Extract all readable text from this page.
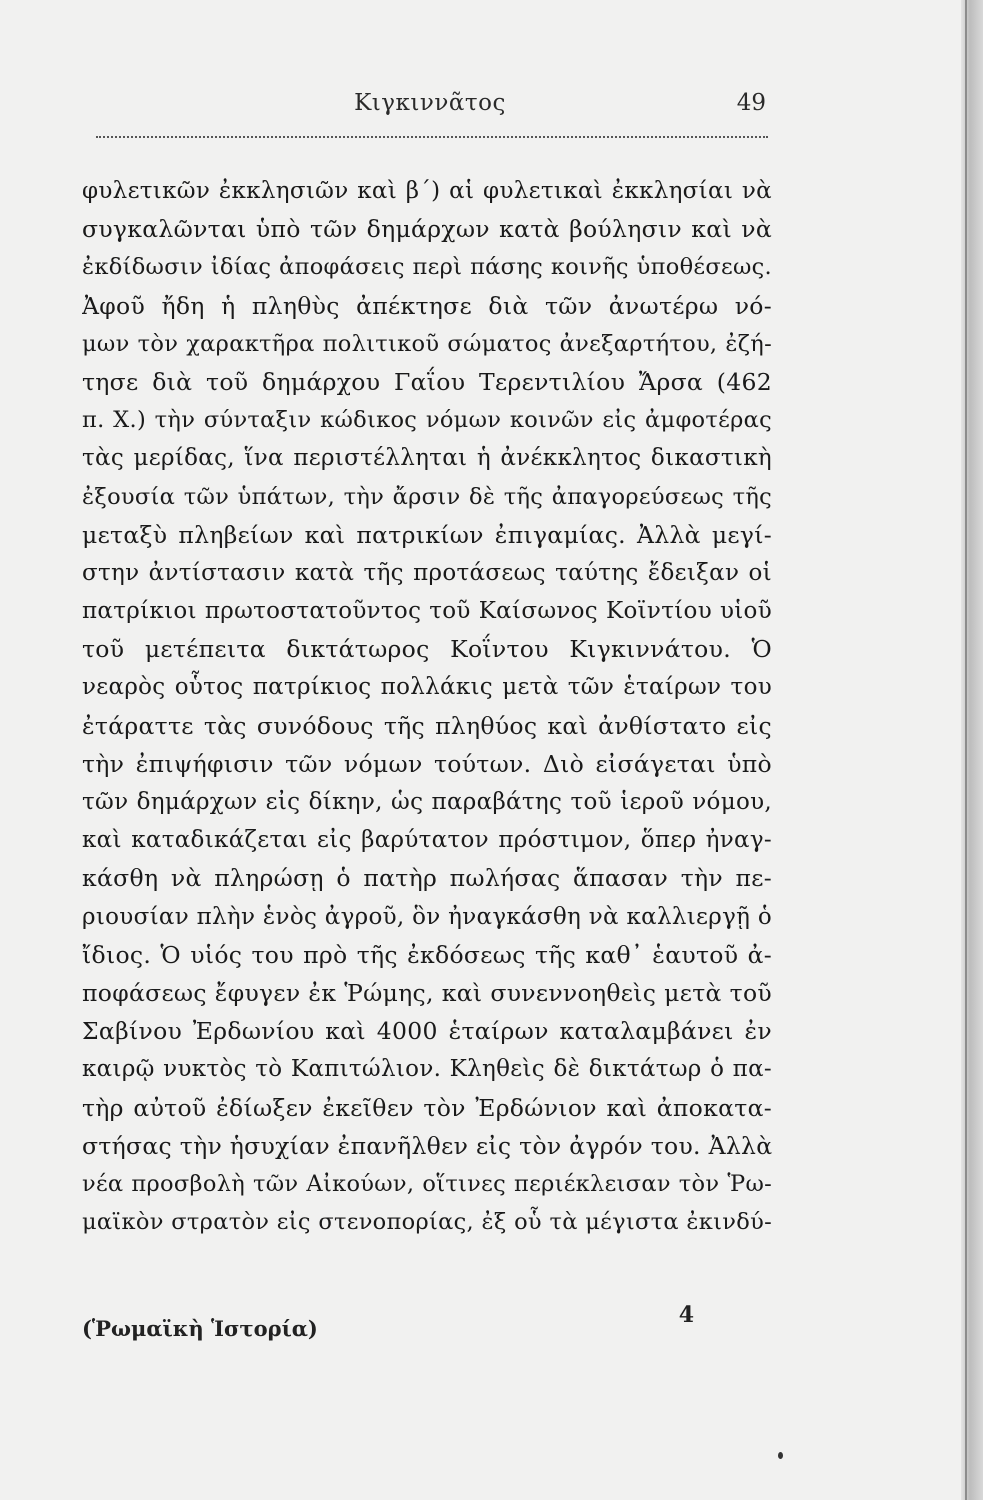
Κιγκιννᾶτος	49
φυλετικῶν ἐκκλησιῶν καὶ β΄) αἱ φυλετικαὶ ἐκκλησίαι νὰ
συγκαλῶνται ὑπὸ τῶν δημάρχων κατὰ βούλησιν καὶ νὰ
ἐκδίδωσιν ἰδίας ἀποφάσεις περὶ πάσης κοινῆς ὑποθέσεως.
Ἀφοῦ ἤδη ἡ πληθὺς ἀπέκτησε διὰ τῶν ἀνωτέρω νό-
μων τὸν χαρακτῆρα πολιτικοῦ σώματος ἀνεξαρτήτου, ἐζή-
τησε διὰ τοῦ δημάρχου Γαΐου Τερεντιλίου Ἄρσα (462
π. Χ.) τὴν σύνταξιν κώδικος νόμων κοινῶν εἰς ἀμφοτέρας
τὰς μερίδας, ἵνα περιστέλληται ἡ ἀνέκκλητος δικαστικὴ
ἐξουσία τῶν ὑπάτων, τὴν ἄρσιν δὲ τῆς ἀπαγορεύσεως τῆς
μεταξὺ πληβείων καὶ πατρικίων ἐπιγαμίας. Ἀλλὰ μεγί-
στην ἀντίστασιν κατὰ τῆς προτάσεως ταύτης ἔδειξαν οἱ
πατρίκιοι πρωτοστατοῦντος τοῦ Καίσωνος Κοϊντίου υἱοῦ
τοῦ μετέπειτα δικτάτωρος Κοΐντου Κιγκιννάτου. Ὁ
νεαρὸς οὗτος πατρίκιος πολλάκις μετὰ τῶν ἑταίρων του
ἐτάραττε τὰς συνόδους τῆς πληθύος καὶ ἀνθίστατο εἰς
τὴν ἐπιψήφισιν τῶν νόμων τούτων. Διὸ εἰσάγεται ὑπὸ
τῶν δημάρχων εἰς δίκην, ὡς παραβάτης τοῦ ἱεροῦ νόμου,
καὶ καταδικάζεται εἰς βαρύτατον πρόστιμον, ὅπερ ἠναγ-
κάσθη νὰ πληρώσῃ ὁ πατὴρ πωλήσας ἅπασαν τὴν πε-
ριουσίαν πλὴν ἑνὸς ἀγροῦ, ὃν ἠναγκάσθη νὰ καλλιεργῇ ὁ
ἴδιος. Ὁ υἱός του πρὸ τῆς ἐκδόσεως τῆς καθ᾽ ἑαυτοῦ ἀ-
ποφάσεως ἔφυγεν ἐκ Ῥώμης, καὶ συνεννοηθεὶς μετὰ τοῦ
Σαβίνου Ἐρδωνίου καὶ 4000 ἑταίρων καταλαμβάνει ἐν
καιρῷ νυκτὸς τὸ Καπιτώλιον. Κληθεὶς δὲ δικτάτωρ ὁ πα-
τὴρ αὐτοῦ ἐδίωξεν ἐκεῖθεν τὸν Ἐρδώνιον καὶ ἀποκατα-
στήσας τὴν ἡσυχίαν ἐπανῆλθεν εἰς τὸν ἀγρόν του. Ἀλλὰ
νέα προσβολὴ τῶν Αἰκούων, οἵτινες περιέκλεισαν τὸν Ῥω-
μαϊκὸν στρατὸν εἰς στενοπορίας, ἐξ οὗ τὰ μέγιστα ἐκινδύ-
(Ῥωμαϊκὴ Ἱστορία)
4
